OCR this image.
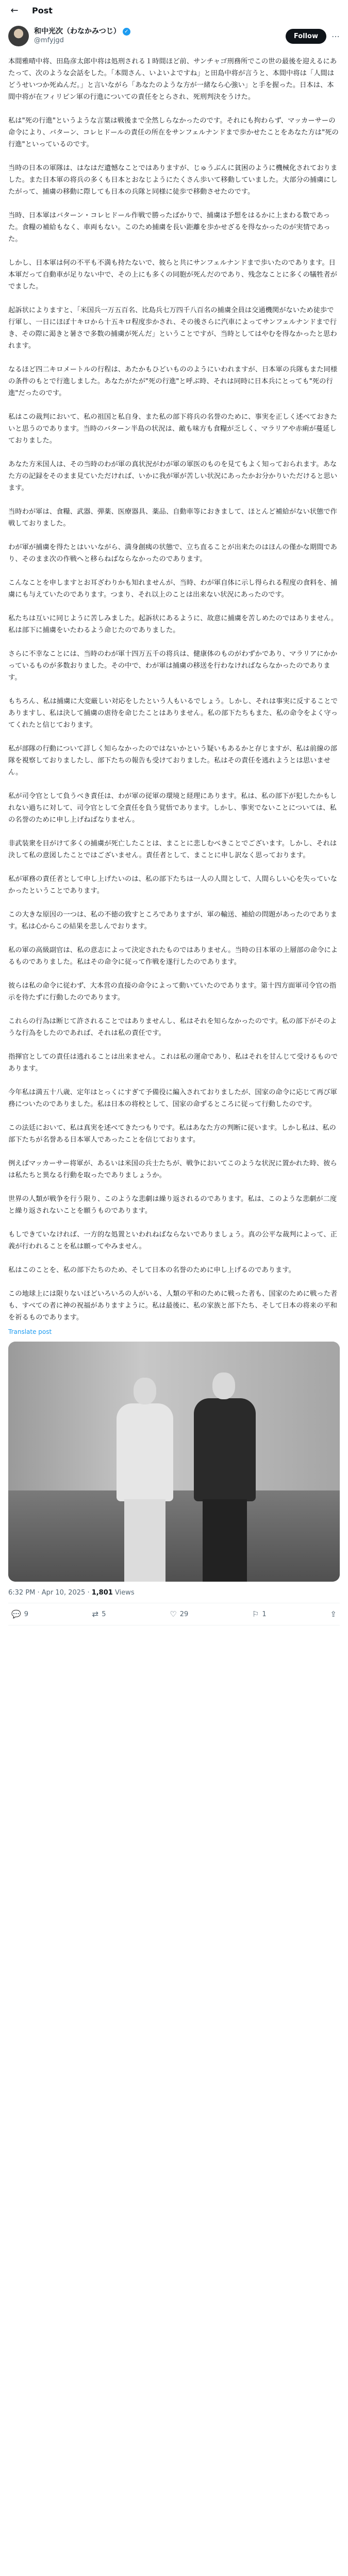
← Post
和中光次（わなかみつじ） ✓
@mfyjgd
Follow	⋯

本間雅晴中将、田島彦太郎中将は処刑される１時間ほど前、サンチャゴ刑務所でこの世の最後を迎えるにあたって、次のような会話をした。「本間さん、いよいよですね」と田島中将が言うと、本間中将は「人間はどうせいつか死ぬんだ。」と言いながら「あなたのような方が一緒なら心強い」と手を握った。日本は、本間中将が在フィリピン軍の行進についての責任をとらされ、死刑判決をうけた。

私は"死の行進"というような言葉は戦後まで全然しらなかったのです。それにも拘わらず、マッカーサーの命令により、バターン、コレヒドールの責任の所在をサンフェルナンドまで歩かせたことをあなた方は"死の行進"といっているのです。

当時の日本の軍隊は、はなはだ遺憾なことではありますが、じゅうぶんに貧困のように機械化されておりました。また日本軍の将兵の多くも日本とおなじようにたくさん歩いて移動していました。大部分の捕虜にしたがって、捕虜の移動に際しても日本の兵隊と同様に徒歩で移動させたのです。

当時、日本軍はバターン・コレヒドール作戦で勝ったばかりで、捕虜は予想をはるかに上まわる数であった。食糧の補給もなく、車両もない。このため捕虜を長い距離を歩かせざるを得なかったのが実情であった。

しかし、日本軍は何の不平も不満も持たないで、彼らと共にサンフェルナンドまで歩いたのであります。日本軍だって自動車が足りない中で、その上にも多くの同胞が死んだのであり、残念なことに多くの犠牲者がでました。

起訴状によりますと、「米国兵一万五百名、比島兵七万四千八百名の捕虜全員は交通機関がないため徒歩で行軍し、一日にほぼ十キロから十五キロ程度歩かされ、その後さらに汽車によってサンフェルナンドまで行き、その際に渇きと暑さで多数の捕虜が死んだ」ということですが、当時としてはやむを得なかったと思われます。

なるほど四二キロメートルの行程は、あたかもひどいもののようにいわれますが、日本軍の兵隊もまた同様の条件のもとで行進しました。あなたがたが"死の行進"と呼ぶ時、それは同時に日本兵にとっても"死の行進"だったのです。

私はこの裁判において、私の祖国と私自身、また私の部下将兵の名誉のために、事実を正しく述べておきたいと思うのであります。当時のバターン半島の状況は、敵も味方も食糧が乏しく、マラリアや赤痢が蔓延しておりました。

あなた方米国人は、その当時のわが軍の真状況がわが軍の軍医のものを見てもよく知っておられます。あなた方の記録をそのまま見ていただければ、いかに我が軍が苦しい状況にあったかお分かりいただけると思います。

当時わが軍は、食糧、武器、弾薬、医療器具、薬品、自動車等におきまして、ほとんど補給がない状態で作戦しておりました。

わが軍が捕虜を得たとはいいながら、満身創痍の状態で、立ち直ることが出来たのはほんの僅かな期間であり、そのまま次の作戦へと移らねばならなかったのであります。

こんなことを申しますとお耳ざわりかも知れませんが、当時、わが軍自体に示し得られる程度の食料を、捕虜にも与えていたのであります。つまり、それ以上のことは出来ない状況にあったのです。

私たちは互いに同じように苦しみました。起訴状にあるように、故意に捕虜を苦しめたのではありません。私は部下に捕虜をいたわるよう命じたのでありました。

さらに不幸なことには、当時のわが軍十四万五千の将兵は、健康体のものがわずかであり、マラリアにかかっているものが多数おりました。その中で、わが軍は捕虜の移送を行わなければならなかったのであります。

もちろん、私は捕虜に大変厳しい対応をしたという人もいるでしょう。しかし、それは事実に反することでありますし、私は決して捕虜の虐待を命じたことはありません。私の部下たちもまた、私の命令をよく守ってくれたと信じております。

私が部隊の行動について詳しく知らなかったのではないかという疑いもあるかと存じますが、私は前線の部隊を視察しておりましたし、部下たちの報告も受けておりました。私はその責任を逃れようとは思いません。

私が司令官として負うべき責任は、わが軍の従軍の環境と経理にあります。私は、私の部下が犯したかもしれない過ちに対して、司令官として全責任を負う覚悟であります。しかし、事実でないことについては、私の名誉のために申し上げねばなりません。

非武装衆を目がけて多くの捕虜が死亡したことは、まことに悲しむべきことでございます。しかし、それは決して私の意図したことではございません。責任者として、まことに申し訳なく思っております。

私が軍務の責任者として申し上げたいのは、私の部下たちは一人の人間として、人間らしい心を失っていなかったということであります。

この大きな原因の一つは、私の不徳の致すところでありますが、軍の輸送、補給の問題があったのであります。私は心からこの結果を悲しんでおります。

私の軍の高級副官は、私の意志によって決定されたものではありません。当時の日本軍の上層部の命令によるものでありました。私はその命令に従って作戦を遂行したのであります。

彼らは私の命令に従わず、大本営の直接の命令によって動いていたのであります。第十四方面軍司令官の指示を待たずに行動したのであります。

これらの行為は断じて許されることではありませんし、私はそれを知らなかったのです。私の部下がそのような行為をしたのであれば、それは私の責任です。

指揮官としての責任は逃れることは出来ません。これは私の運命であり、私はそれを甘んじて受けるものであります。

今年私は満五十八歳、定年はとっくにすぎて予備役に編入されておりましたが、国家の命令に応じて再び軍務についたのでありました。私は日本の将校として、国家の命ずるところに従って行動したのです。

この法廷において、私は真実を述べてきたつもりです。私はあなた方の判断に従います。しかし私は、私の部下たちが名誉ある日本軍人であったことを信じております。

例えばマッカーサー将軍が、あるいは米国の兵士たちが、戦争においてこのような状況に置かれた時、彼らは私たちと異なる行動を取ったでありましょうか。

世界の人類が戦争を行う限り、このような悲劇は繰り返されるのであります。私は、このような悲劇が二度と繰り返されないことを願うものであります。

もしできていなければ、一方的な処置といわれねばならないでありましょう。真の公平な裁判によって、正義が行われることを私は願ってやみません。

私はこのことを、私の部下たちのため、そして日本の名誉のために申し上げるのであります。

この地球上には限りないほどいろいろの人がいる、人類の平和のために戦った者も、国家のために戦った者も、すべての者に神の祝福がありますように。私は最後に、私の家族と部下たち、そして日本の将来の平和を祈るものであります。

Translate post
6:32 PM · Apr 10, 2025 · 1,801 Views
💬 9	⇄ 5	♡ 29	⚐ 1	⇪
